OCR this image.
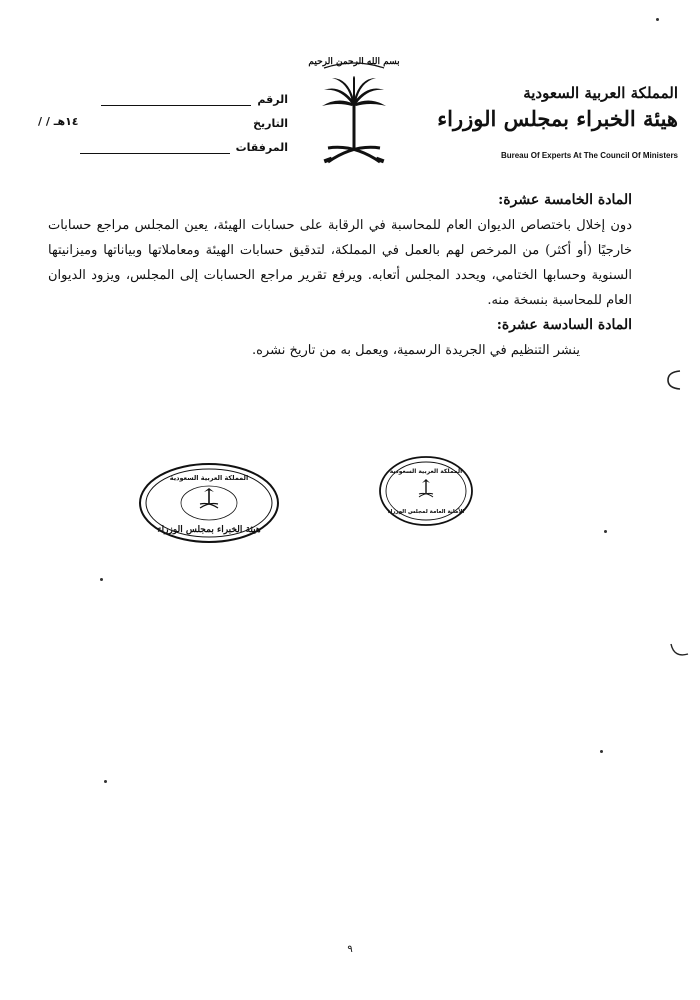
الرقم
التاريخ
/ / ١٤هـ
المرفقات
بسم الله الرحمن الرحيم
المملكة العربية السعودية
هيئة الخبراء بمجلس الوزراء
Bureau Of Experts At The Council Of Ministers

المادة الخامسة عشرة:

دون إخلال باختصاص الديوان العام للمحاسبة في الرقابة على حسابات الهيئة، يعين المجلس مراجع حسابات خارجيًا (أو أكثر) من المرخص لهم بالعمل في المملكة، لتدقيق حسابات الهيئة ومعاملاتها وبياناتها وميزانيتها السنوية وحسابها الختامي، ويحدد المجلس أتعابه. ويرفع تقرير مراجع الحسابات إلى المجلس، ويزود الديوان العام للمحاسبة بنسخة منه.

المادة السادسة عشرة:

ينشر التنظيم في الجريدة الرسمية، ويعمل به من تاريخ نشره.

المملكة العربية السعودية
هيئة الخبراء بمجلس الوزراء
المملكة العربية السعودية
الأمانة العامة لمجلس الوزراء
٩
